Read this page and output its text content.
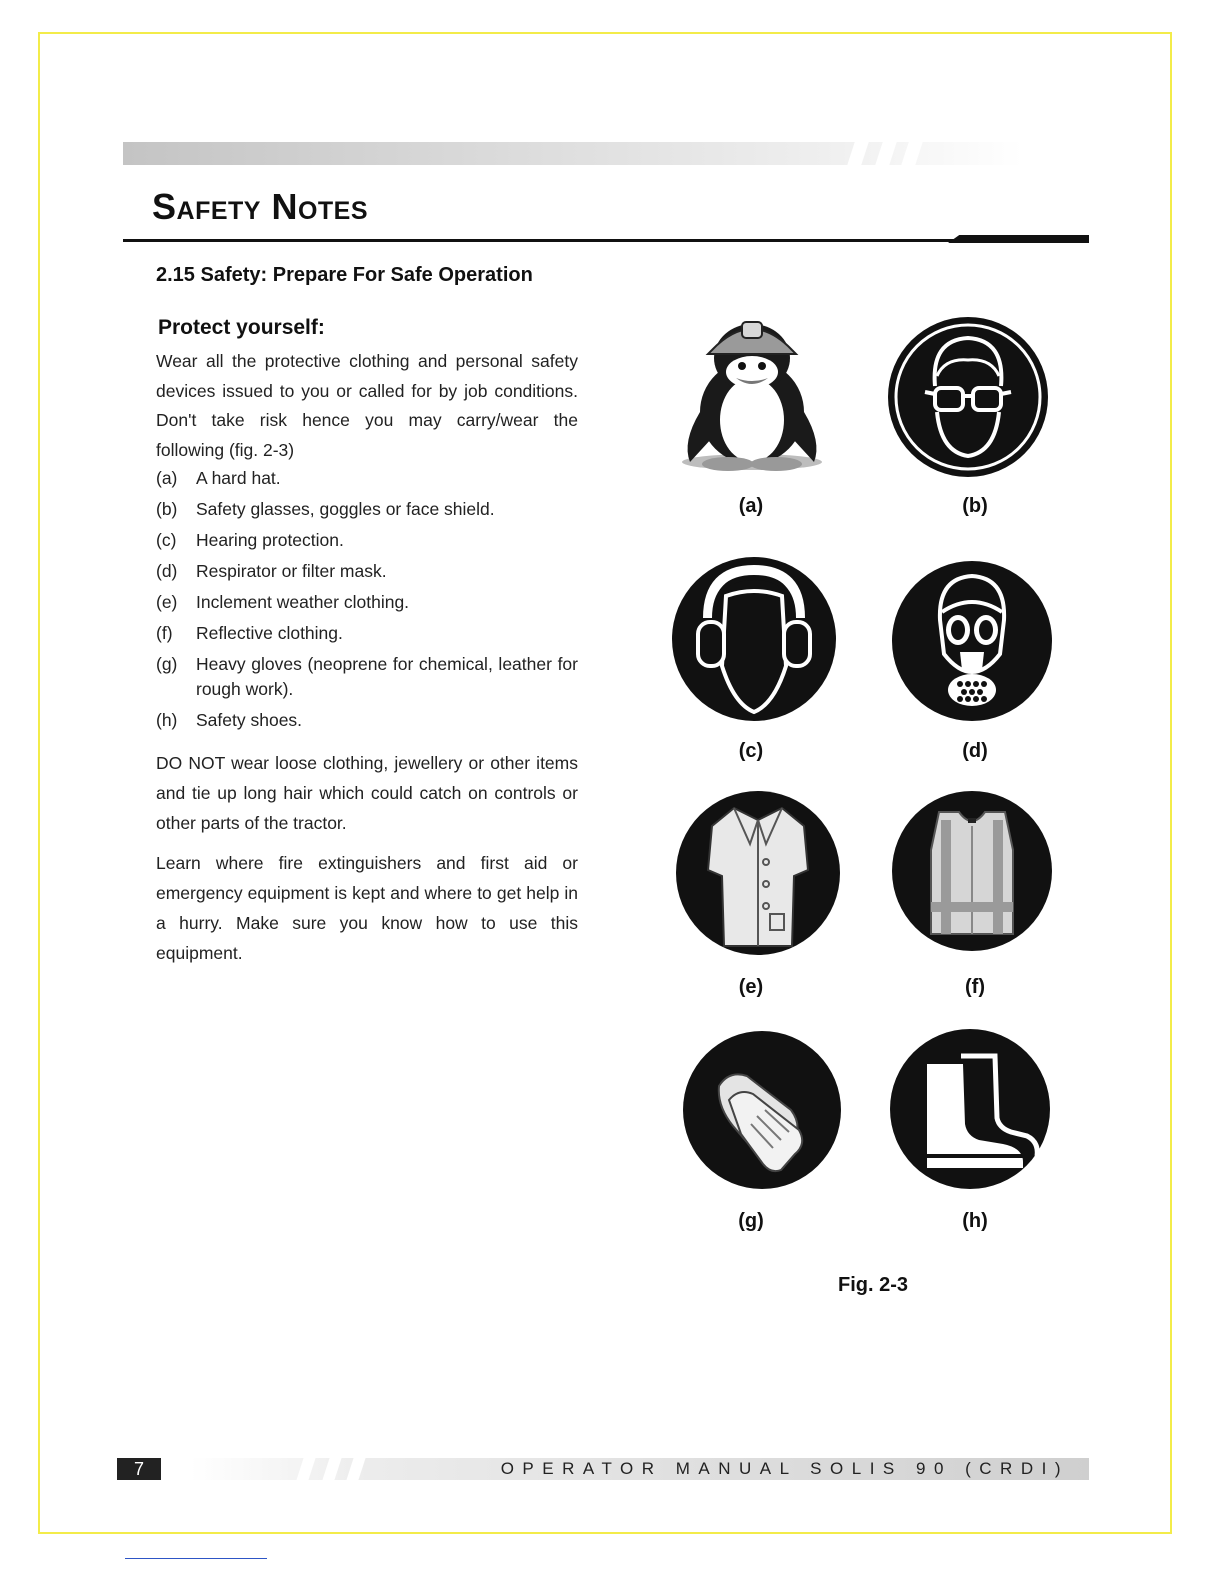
Safety Notes
2.15 Safety: Prepare For Safe Operation
Protect yourself:

Wear all the protective clothing and personal safety devices issued to you or called for by job conditions. Don't take risk hence you may carry/wear the following (fig. 2-3)

(a) A hard hat.
(b) Safety glasses, goggles or face shield.
(c) Hearing protection.
(d) Respirator or filter mask.
(e) Inclement weather clothing.
(f) Reflective clothing.
(g) Heavy gloves (neoprene for chemical, leather for rough work).
(h) Safety shoes.

DO NOT wear loose clothing, jewellery or other items and tie up long hair which could catch on controls or other parts of the tractor.

Learn where fire extinguishers and first aid or emergency equipment is kept and where to get help in a hurry. Make sure you know how to use this equipment.

(a)	(b)
(c)	(d)
(e)	(f)
(g)	(h)

Fig. 2-3

7	OPERATOR MANUAL SOLIS 90 (CRDI)
